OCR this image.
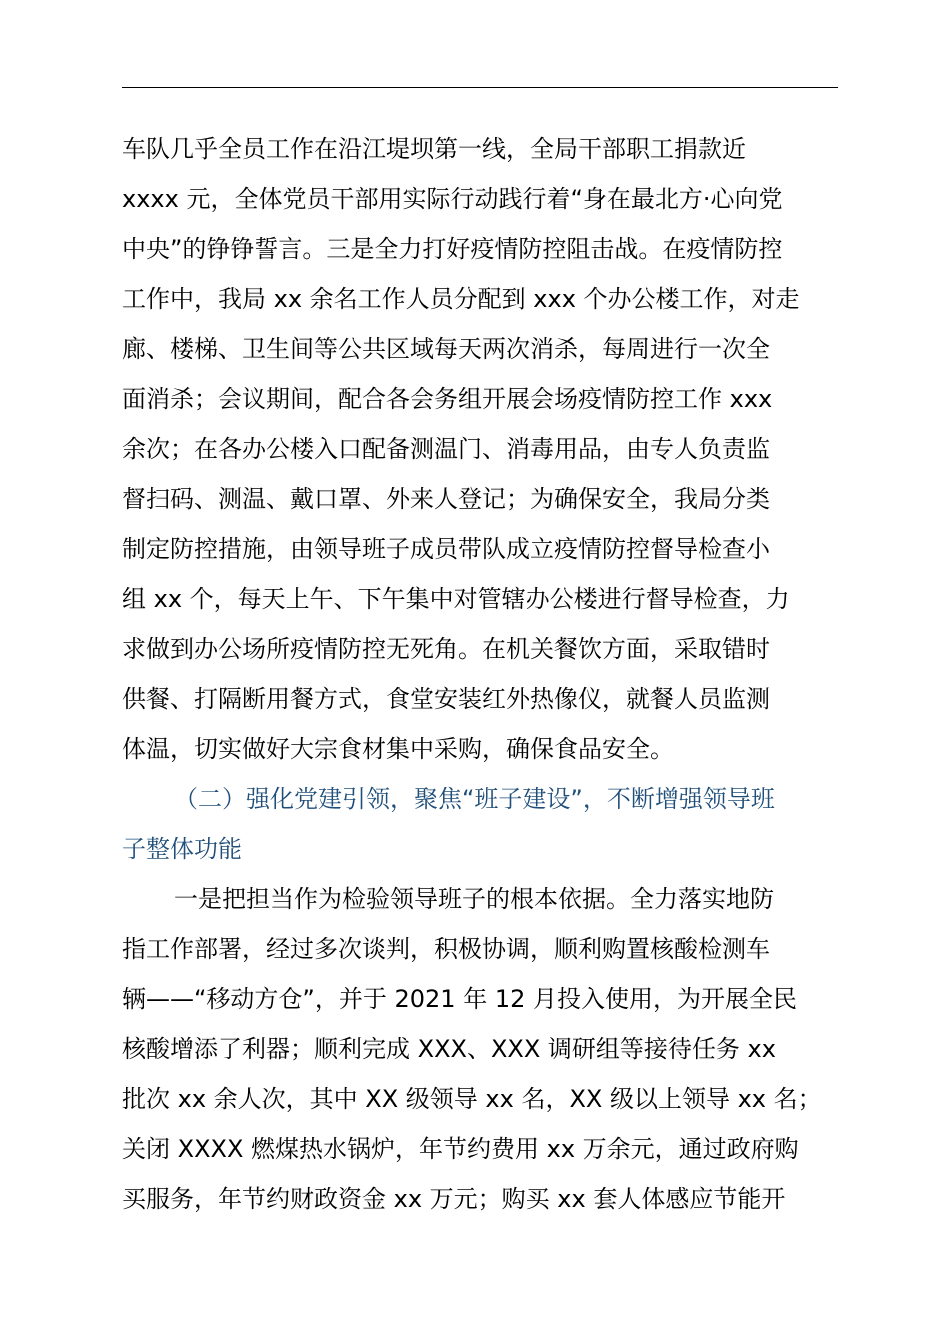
车队几乎全员工作在沿江堤坝第一线，全局干部职工捐款近
xxxx 元，全体党员干部用实际行动践行着“身在最北方·心向党
中央”的铮铮誓言。三是全力打好疫情防控阻击战。在疫情防控
工作中，我局 xx 余名工作人员分配到 xxx 个办公楼工作，对走
廊、楼梯、卫生间等公共区域每天两次消杀，每周进行一次全
面消杀；会议期间，配合各会务组开展会场疫情防控工作 xxx
余次；在各办公楼入口配备测温门、消毒用品，由专人负责监
督扫码、测温、戴口罩、外来人登记；为确保安全，我局分类
制定防控措施，由领导班子成员带队成立疫情防控督导检查小
组 xx 个，每天上午、下午集中对管辖办公楼进行督导检查，力
求做到办公场所疫情防控无死角。在机关餐饮方面，采取错时
供餐、打隔断用餐方式，食堂安装红外热像仪，就餐人员监测
体温，切实做好大宗食材集中采购，确保食品安全。
（二）强化党建引领，聚焦“班子建设”，不断增强领导班
子整体功能
一是把担当作为检验领导班子的根本依据。全力落实地防
指工作部署，经过多次谈判，积极协调，顺利购置核酸检测车
辆——“移动方仓”，并于 2021 年 12 月投入使用，为开展全民
核酸增添了利器；顺利完成 XXX、XXX 调研组等接待任务 xx
批次 xx 余人次，其中 XX 级领导 xx 名，XX 级以上领导 xx 名；
关闭 XXXX 燃煤热水锅炉，年节约费用 xx 万余元，通过政府购
买服务，年节约财政资金 xx 万元；购买 xx 套人体感应节能开
